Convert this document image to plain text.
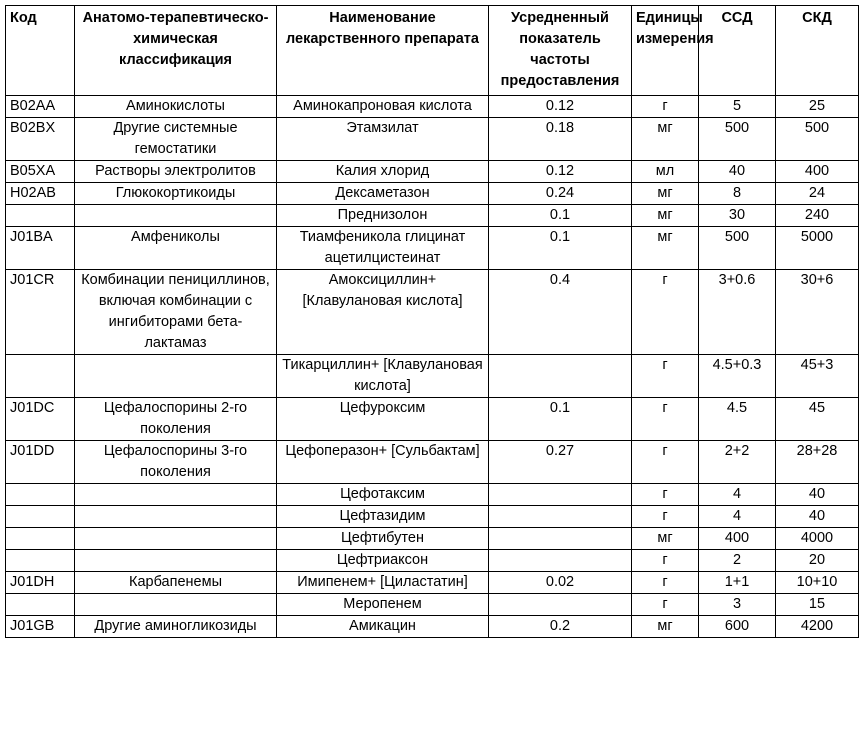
Код	Анатомо-терапевтическо-химическая классификация	Наименование лекарственного препарата	Усредненный показатель частоты предоставления	Единицы измерения	ССД	СКД
B02AA	Аминокислоты	Аминокапроновая кислота	0.12	г	5	25
B02BX	Другие системные гемостатики	Этамзилат	0.18	мг	500	500
B05XA	Растворы электролитов	Калия хлорид	0.12	мл	40	400
H02AB	Глюкокортикоиды	Дексаметазон	0.24	мг	8	24
		Преднизолон	0.1	мг	30	240
J01BA	Амфениколы	Тиамфеникола глицинат ацетилцистеинат	0.1	мг	500	5000
J01CR	Комбинации пенициллинов, включая комбинации с ингибиторами бета-лактамаз	Амоксициллин+ [Клавулановая кислота]	0.4	г	3+0.6	30+6
		Тикарциллин+ [Клавулановая кислота]		г	4.5+0.3	45+3
J01DC	Цефалоспорины 2-го поколения	Цефуроксим	0.1	г	4.5	45
J01DD	Цефалоспорины 3-го поколения	Цефоперазон+ [Сульбактам]	0.27	г	2+2	28+28
		Цефотаксим		г	4	40
		Цефтазидим		г	4	40
		Цефтибутен		мг	400	4000
		Цефтриаксон		г	2	20
J01DH	Карбапенемы	Имипенем+ [Циластатин]	0.02	г	1+1	10+10
		Меропенем		г	3	15
J01GB	Другие аминогликозиды	Амикацин	0.2	мг	600	4200
